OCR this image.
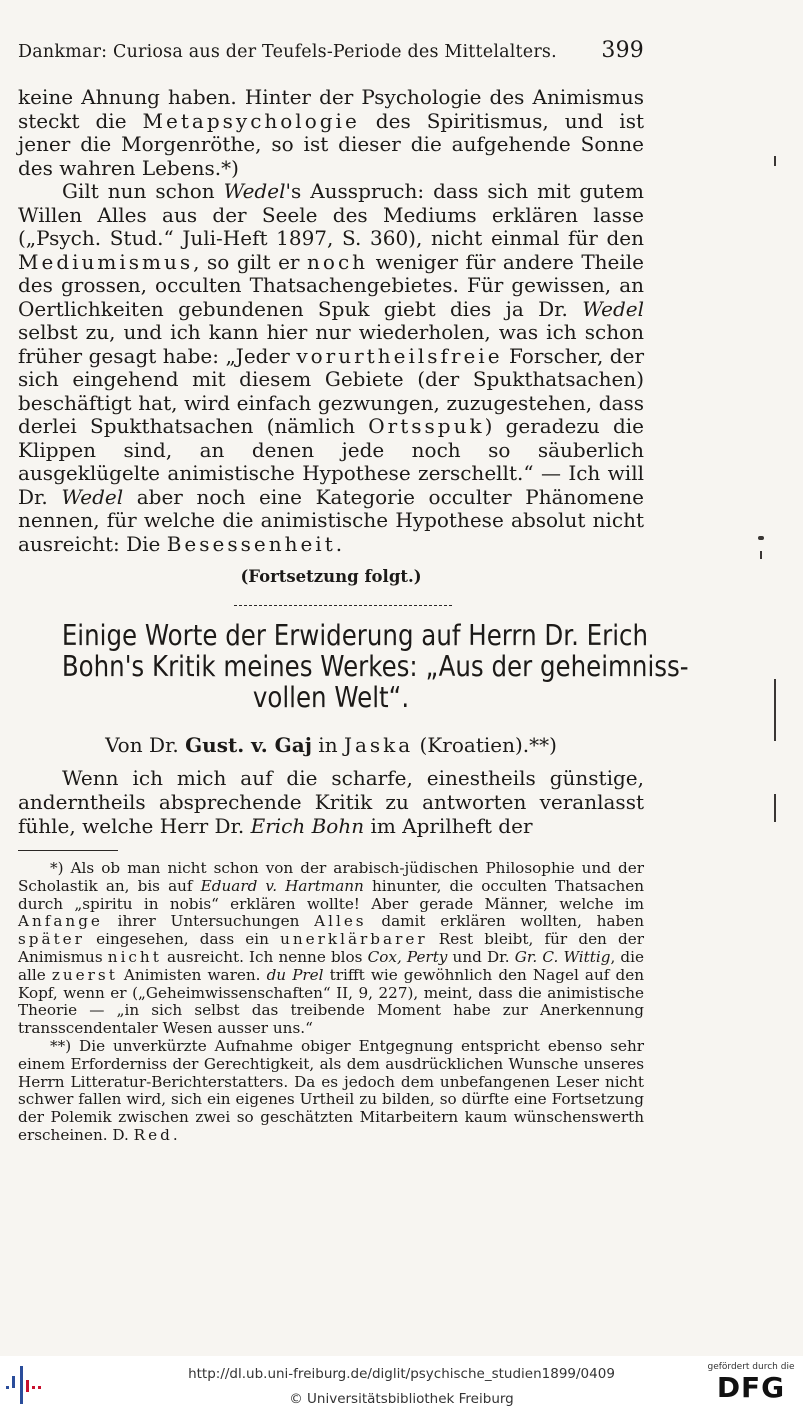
Dankmar: Curiosa aus der Teufels-Periode des Mittelalters. 399

keine Ahnung haben. Hinter der Psychologie des Animismus steckt die Metapsychologie des Spiritismus, und ist jener die Morgenröthe, so ist dieser die aufgehende Sonne des wahren Lebens.*)

Gilt nun schon Wedel's Ausspruch: dass sich mit gutem Willen Alles aus der Seele des Mediums erklären lasse („Psych. Stud.“ Juli-Heft 1897, S. 360), nicht einmal für den Mediumismus, so gilt er noch weniger für andere Theile des grossen, occulten Thatsachengebietes. Für gewissen, an Oertlichkeiten gebundenen Spuk giebt dies ja Dr. Wedel selbst zu, und ich kann hier nur wiederholen, was ich schon früher gesagt habe: „Jeder vorurtheilsfreie Forscher, der sich eingehend mit diesem Gebiete (der Spukthatsachen) beschäftigt hat, wird einfach gezwungen, zuzugestehen, dass derlei Spukthatsachen (nämlich Ortsspuk) geradezu die Klippen sind, an denen jede noch so säuberlich ausgeklügelte animistische Hypothese zerschellt.“ — Ich will Dr. Wedel aber noch eine Kategorie occulter Phänomene nennen, für welche die animistische Hypothese absolut nicht ausreicht: Die Besessenheit.

(Fortsetzung folgt.)
Einige Worte der Erwiderung auf Herrn Dr. Erich
Bohn's Kritik meines Werkes: „Aus der geheimniss-
vollen Welt“.
Von Dr. Gust. v. Gaj in Jaska (Kroatien).**)

Wenn ich mich auf die scharfe, einestheils günstige, anderntheils absprechende Kritik zu antworten veranlasst fühle, welche Herr Dr. Erich Bohn im Aprilheft der

*) Als ob man nicht schon von der arabisch-jüdischen Philosophie und der Scholastik an, bis auf Eduard v. Hartmann hinunter, die occulten Thatsachen durch „spiritu in nobis“ erklären wollte! Aber gerade Männer, welche im Anfange ihrer Untersuchungen Alles damit erklären wollten, haben später eingesehen, dass ein unerklärbarer Rest bleibt, für den der Animismus nicht ausreicht. Ich nenne blos Cox, Perty und Dr. Gr. C. Wittig, die alle zuerst Animisten waren. du Prel trifft wie gewöhnlich den Nagel auf den Kopf, wenn er („Geheimwissenschaften“ II, 9, 227), meint, dass die animistische Theorie — „in sich selbst das treibende Moment habe zur Anerkennung transscendentaler Wesen ausser uns.“

**) Die unverkürzte Aufnahme obiger Entgegnung entspricht ebenso sehr einem Erforderniss der Gerechtigkeit, als dem ausdrücklichen Wunsche unseres Herrn Litteratur-Berichterstatters. Da es jedoch dem unbefangenen Leser nicht schwer fallen wird, sich ein eigenes Urtheil zu bilden, so dürfte eine Fortsetzung der Polemik zwischen zwei so geschätzten Mitarbeitern kaum wünschenswerth erscheinen. D. Red.

http://dl.ub.uni-freiburg.de/diglit/psychische_studien1899/0409
© Universitätsbibliothek Freiburg
gefördert durch die
DFG
